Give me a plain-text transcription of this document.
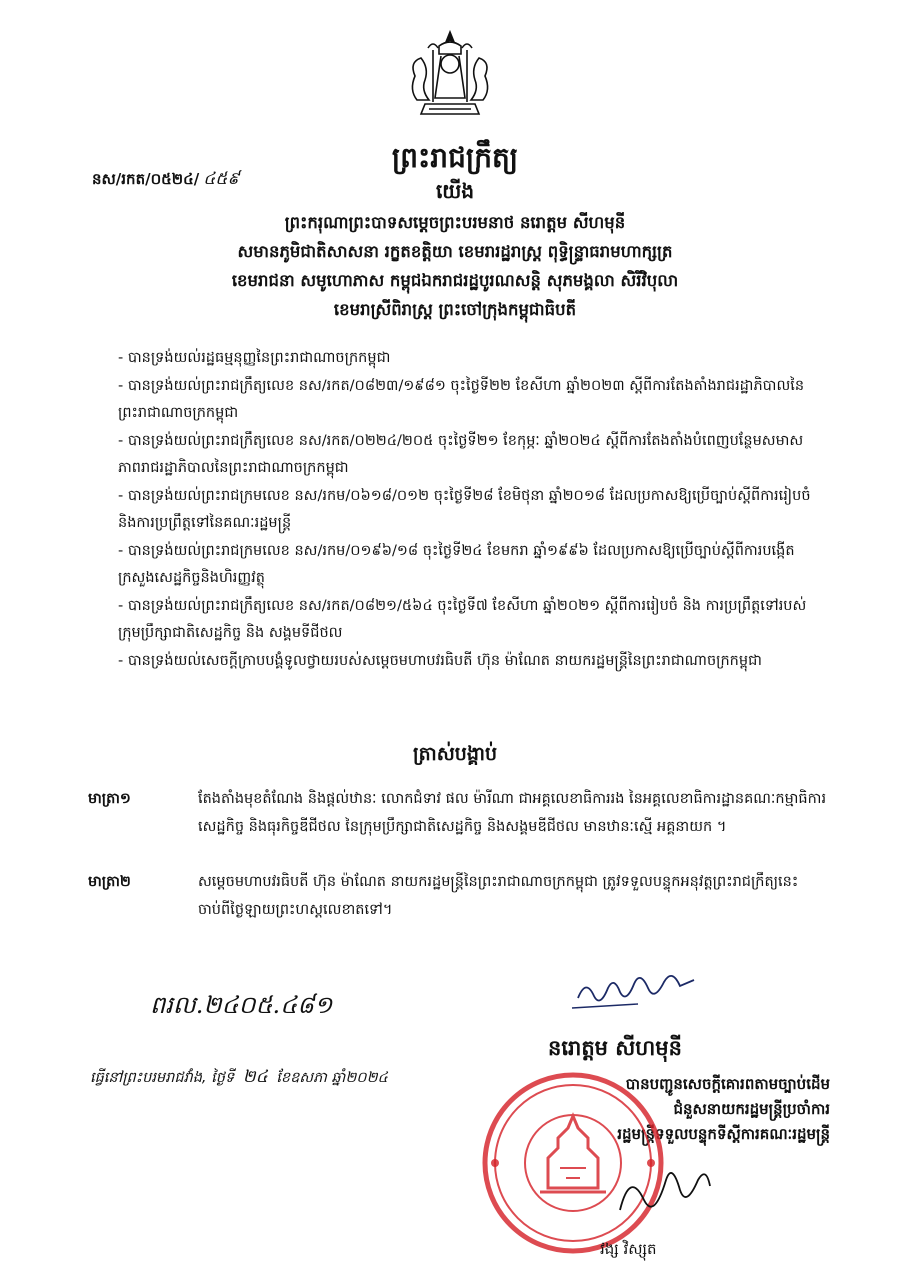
ព្រះរាជក្រឹត្យ
នស/រកត/០៥២៤/ ៤៥៩	យើង
ព្រះករុណាព្រះបាទសម្តេចព្រះបរមនាថ នរោត្តម សីហមុនី
សមានភូមិជាតិសាសនា រក្ខតខត្តិយា ខេមរារដ្ឋរាស្ត្រ ពុទ្ធិន្ទ្រាធរាមហាក្សត្រ
ខេមរាជនា សមូហោភាស កម្ពុជឯករាជរដ្ឋបូរណសន្តិ សុភមង្គលា សិរីវិបុលា
ខេមរាស្រីពិរាស្ត្រ ព្រះចៅក្រុងកម្ពុជាធិបតី

- បានទ្រង់យល់រដ្ឋធម្មនុញ្ញនៃព្រះរាជាណាចក្រកម្ពុជា

- បានទ្រង់យល់ព្រះរាជក្រឹត្យលេខ នស/រកត/០៨២៣/១៩៨១ ចុះថ្ងៃទី២២ ខែសីហា ឆ្នាំ២០២៣ ស្តីពីការតែងតាំងរាជរដ្ឋាភិបាលនៃព្រះរាជាណាចក្រកម្ពុជា

- បានទ្រង់យល់ព្រះរាជក្រឹត្យលេខ នស/រកត/០២២៤/២០៥ ចុះថ្ងៃទី២១ ខែកុម្ភៈ ឆ្នាំ២០២៤ ស្តីពីការតែងតាំងបំពេញបន្ថែមសមាសភាពរាជរដ្ឋាភិបាលនៃព្រះរាជាណាចក្រកម្ពុជា

- បានទ្រង់យល់ព្រះរាជក្រមលេខ នស/រកម/០៦១៨/០១២ ចុះថ្ងៃទី២៨ ខែមិថុនា ឆ្នាំ២០១៨ ដែលប្រកាសឱ្យប្រើច្បាប់ស្តីពីការរៀបចំនិងការប្រព្រឹត្តទៅនៃគណៈរដ្ឋមន្ត្រី

- បានទ្រង់យល់ព្រះរាជក្រមលេខ នស/រកម/០១៩៦/១៨ ចុះថ្ងៃទី២៤ ខែមករា ឆ្នាំ១៩៩៦ ដែលប្រកាសឱ្យប្រើច្បាប់ស្តីពីការបង្កើតក្រសួងសេដ្ឋកិច្ចនិងហិរញ្ញវត្ថុ

- បានទ្រង់យល់ព្រះរាជក្រឹត្យលេខ នស/រកត/០៨២១/៥៦៤ ចុះថ្ងៃទី៧ ខែសីហា ឆ្នាំ២០២១ ស្តីពីការរៀបចំ និង ការប្រព្រឹត្តទៅរបស់ក្រុមប្រឹក្សាជាតិសេដ្ឋកិច្ច និង សង្គមទីជីថល

- បានទ្រង់យល់សេចក្តីក្រាបបង្គំទូលថ្វាយរបស់សម្តេចមហាបវរធិបតី ហ៊ុន ម៉ាណែត នាយករដ្ឋមន្ត្រីនៃព្រះរាជាណាចក្រកម្ពុជា

ត្រាស់បង្គាប់
មាត្រា១	តែងតាំងមុខតំណែង និងផ្តល់ឋានៈ លោកជំទាវ ផល ម៉ារីណា ជាអគ្គលេខាធិការរង នៃអគ្គលេខាធិការដ្ឋានគណៈកម្មាធិការសេដ្ឋកិច្ច និងធុរកិច្ចឌីជីថល នៃក្រុមប្រឹក្សាជាតិសេដ្ឋកិច្ច និងសង្គមឌីជីថល មានឋានៈស្មើ អគ្គនាយក ។
មាត្រា២	សម្តេចមហាបវរធិបតី ហ៊ុន ម៉ាណែត នាយករដ្ឋមន្ត្រីនៃព្រះរាជាណាចក្រកម្ពុជា ត្រូវទទួលបន្ទុកអនុវត្តព្រះរាជក្រឹត្យនេះ ចាប់ពីថ្ងៃឡាយព្រះហស្តលេខាតទៅ។
ពរល.២៤០៥.៤៨១
នរោត្តម សីហមុនី
ធ្វើនៅព្រះបរមរាជវាំង, ថ្ងៃទី ២៤ ខែឧសភា ឆ្នាំ២០២៤	បានបញ្ជូនសេចក្តីគោរពតាមច្បាប់ដើម
ជំនួសនាយករដ្ឋមន្ត្រីប្រចាំការ
រដ្ឋមន្ត្រីទទួលបន្ទុកទីស្តីការគណៈរដ្ឋមន្ត្រី
វង្ស វិស្សុត
